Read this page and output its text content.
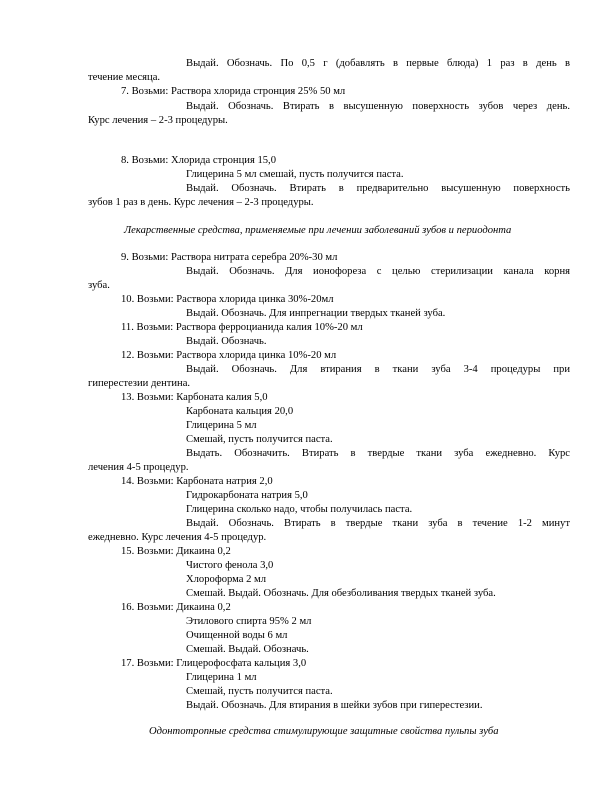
Выдай. Обозначь. По 0,5 г (добавлять в первые блюда) 1 раз в день в
течение месяца.
7. Возьми: Раствора хлорида стронция 25% 50 мл
Выдай. Обозначь. Втирать в высушенную поверхность зубов через день.
Курс лечения – 2-3 процедуры.
8. Возьми: Хлорида стронция 15,0
Глицерина 5 мл смешай, пусть получится паста.
Выдай. Обозначь. Втирать в предварительно высушенную поверхность
зубов 1 раз в день. Курс лечения – 2-3 процедуры.
Лекарственные средства, применяемые при лечении заболеваний зубов и периодонта
9. Возьми: Раствора нитрата серебра 20%-30 мл
Выдай. Обозначь. Для ионофореза с целью стерилизации канала корня
зуба.
10. Возьми: Раствора хлорида цинка 30%-20мл
Выдай. Обозначь. Для инпрегнации твердых тканей зуба.
11. Возьми: Раствора ферроцианида калия 10%-20 мл
Выдай. Обозначь.
12. Возьми: Раствора хлорида цинка 10%-20 мл
Выдай. Обозначь. Для втирания в ткани зуба 3-4 процедуры при
гиперестезии дентина.
13. Возьми: Карбоната калия 5,0
Карбоната кальция 20,0
Глицерина 5 мл
Смешай, пусть получится паста.
Выдать. Обозначить. Втирать в твердые ткани зуба ежедневно. Курс
лечения 4-5 процедур.
14. Возьми: Карбоната натрия 2,0
Гидрокарбоната натрия 5,0
Глицерина сколько надо, чтобы получилась паста.
Выдай. Обозначь. Втирать в твердые ткани зуба в течение 1-2 минут
ежедневно. Курс лечения 4-5 процедур.
15. Возьми: Дикаина 0,2
Чистого фенола 3,0
Хлороформа 2 мл
Смешай. Выдай. Обозначь. Для обезболивания твердых тканей зуба.
16. Возьми: Дикаина 0,2
Этилового спирта 95% 2 мл
Очищенной воды 6 мл
Смешай. Выдай. Обозначь.
17. Возьми: Глицерофосфата кальция 3,0
Глицерина 1 мл
Смешай, пусть получится паста.
Выдай. Обозначь. Для втирания в шейки зубов при гиперестезии.
Одонтотропные средства стимулирующие защитные свойства пульпы зуба
